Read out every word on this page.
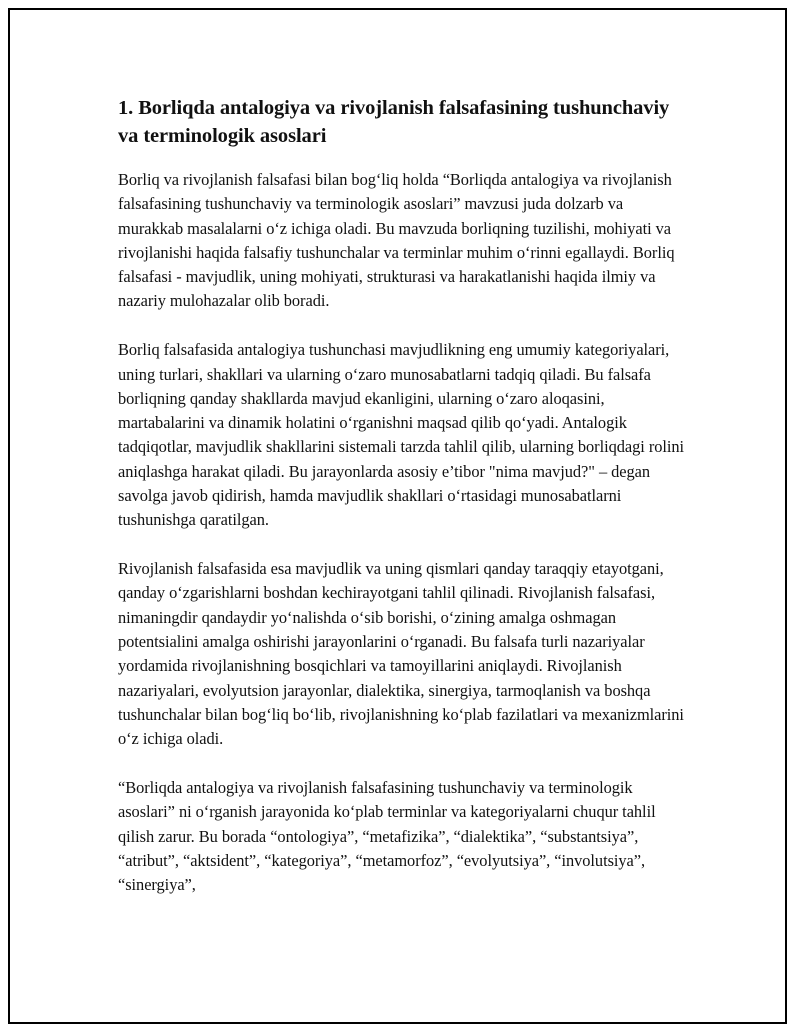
1. Borliqda antalogiya va rivojlanish falsafasining tushunchaviy va terminologik asoslari

Borliq va rivojlanish falsafasi bilan bog‘liq holda “Borliqda antalogiya va rivojlanish falsafasining tushunchaviy va terminologik asoslari” mavzusi juda dolzarb va murakkab masalalarni o‘z ichiga oladi. Bu mavzuda borliqning tuzilishi, mohiyati va rivojlanishi haqida falsafiy tushunchalar va terminlar muhim o‘rinni egallaydi. Borliq falsafasi - mavjudlik, uning mohiyati, strukturasi va harakatlanishi haqida ilmiy va nazariy mulohazalar olib boradi.

Borliq falsafasida antalogiya tushunchasi mavjudlikning eng umumiy kategoriyalari, uning turlari, shakllari va ularning o‘zaro munosabatlarni tadqiq qiladi. Bu falsafa borliqning qanday shakllarda mavjud ekanligini, ularning o‘zaro aloqasini, martabalarini va dinamik holatini o‘rganishni maqsad qilib qo‘yadi. Antalogik tadqiqotlar, mavjudlik shakllarini sistemali tarzda tahlil qilib, ularning borliqdagi rolini aniqlashga harakat qiladi. Bu jarayonlarda asosiy e’tibor "nima mavjud?" – degan savolga javob qidirish, hamda mavjudlik shakllari o‘rtasidagi munosabatlarni tushunishga qaratilgan.

Rivojlanish falsafasida esa mavjudlik va uning qismlari qanday taraqqiy etayotgani, qanday o‘zgarishlarni boshdan kechirayotgani tahlil qilinadi. Rivojlanish falsafasi, nimaningdir qandaydir yo‘nalishda o‘sib borishi, o‘zining amalga oshmagan potentsialini amalga oshirishi jarayonlarini o‘rganadi. Bu falsafa turli nazariyalar yordamida rivojlanishning bosqichlari va tamoyillarini aniqlaydi. Rivojlanish nazariyalari, evolyutsion jarayonlar, dialektika, sinergiya, tarmoqlanish va boshqa tushunchalar bilan bog‘liq bo‘lib, rivojlanishning ko‘plab fazilatlari va mexanizmlarini o‘z ichiga oladi.

“Borliqda antalogiya va rivojlanish falsafasining tushunchaviy va terminologik asoslari” ni o‘rganish jarayonida ko‘plab terminlar va kategoriyalarni chuqur tahlil qilish zarur. Bu borada “ontologiya”, “metafizika”, “dialektika”, “substantsiya”, “atribut”, “aktsident”, “kategoriya”, “metamorfoz”, “evolyutsiya”, “involutsiya”, “sinergiya”,
